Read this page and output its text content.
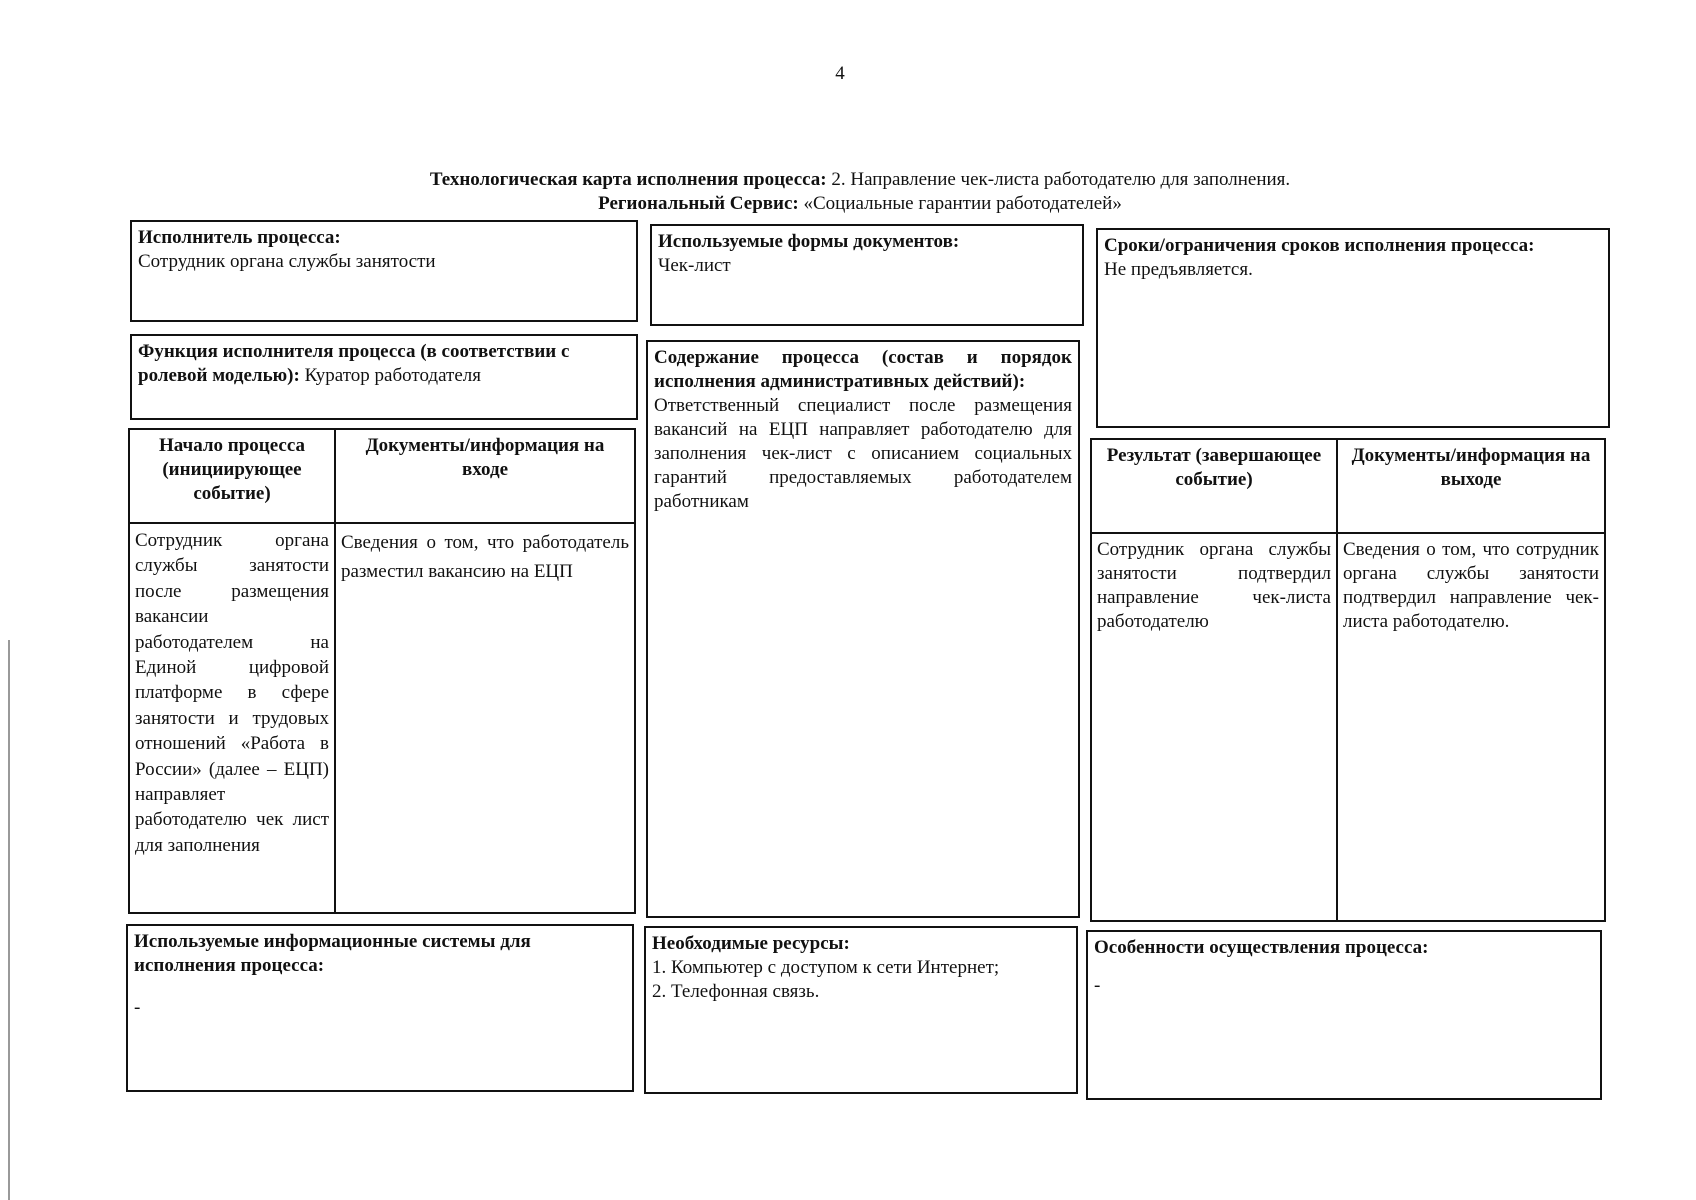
4
Технологическая карта исполнения процесса: 2. Направление чек-листа работодателю для заполнения.
Региональный Сервис: «Социальные гарантии работодателей»
Исполнитель процесса:
Сотрудник органа службы занятости
Используемые формы документов:
Чек-лист
Сроки/ограничения сроков исполнения процесса:
Не предъявляется.
Функция исполнителя процесса (в соответствии с ролевой моделью): Куратор работодателя
Содержание процесса (состав и порядок исполнения административных действий):
Ответственный специалист после размещения вакансий на ЕЦП направляет работодателю для заполнения чек-лист с описанием социальных гарантий предоставляемых работодателем работникам
Начало процесса (инициирующее событие)
Документы/информация на входе
Сотрудник органа службы занятости после размещения вакансии работодателем на Единой цифровой платформе в сфере занятости и трудовых отношений «Работа в России» (далее – ЕЦП) направляет работодателю чек лист для заполнения
Сведения о том, что работодатель разместил вакансию на ЕЦП
Результат (завершающее событие)
Документы/информация на выходе
Сотрудник органа службы занятости подтвердил направление чек-листа работодателю
Сведения о том, что сотрудник органа службы занятости подтвердил направление чек-листа работодателю.
Используемые информационные системы для исполнения процесса:
-
Необходимые ресурсы:
1. Компьютер с доступом к сети Интернет;
2. Телефонная связь.
Особенности осуществления процесса:
-
